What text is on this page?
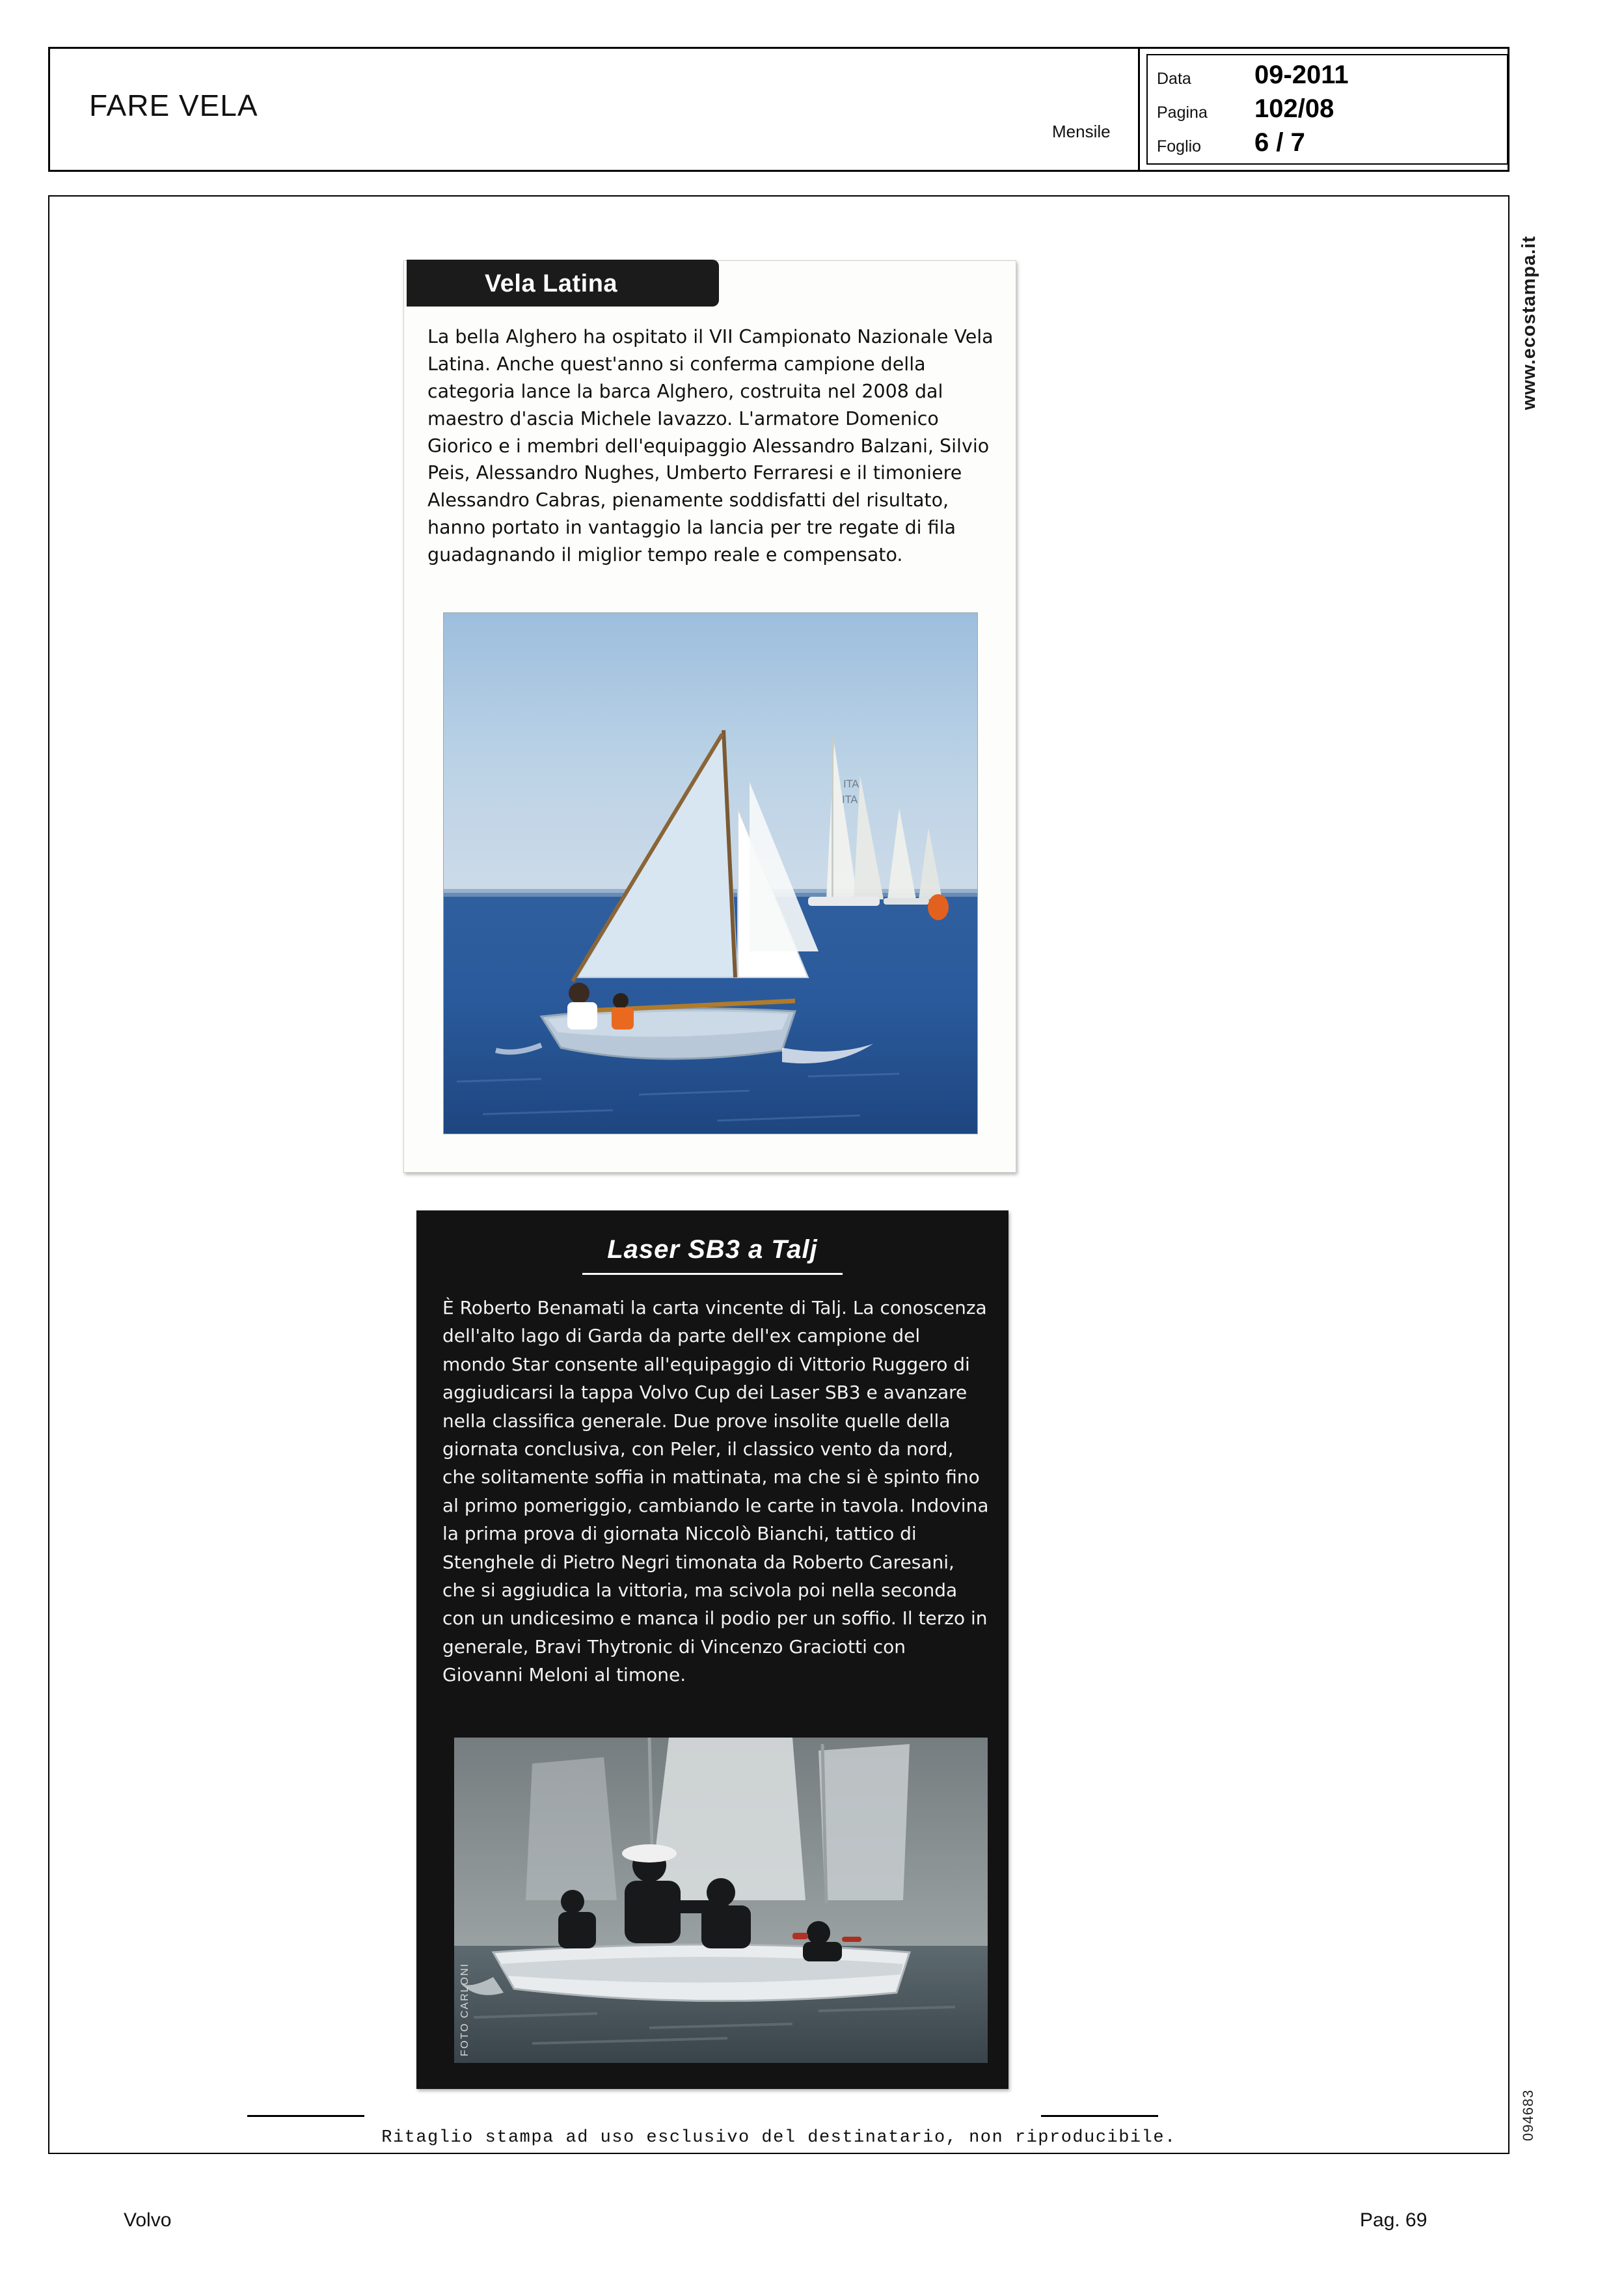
FARE VELA
Mensile
Data 09-2011
Pagina 102/08
Foglio 6 / 7
www.ecostampa.it
094683
Vela Latina
La bella Alghero ha ospitato il VII Campionato Nazionale Vela Latina. Anche quest'anno si conferma campione della categoria lance la barca Alghero, costruita nel 2008 dal maestro d'ascia Michele Iavazzo. L'armatore Domenico Giorico e i membri dell'equipaggio Alessandro Balzani, Silvio Peis, Alessandro Nughes, Umberto Ferraresi e il timoniere Alessandro Cabras, pienamente soddisfatti del risultato, hanno portato in vantaggio la lancia per tre regate di fila guadagnando il miglior tempo reale e compensato.
ITA
ITA
Laser SB3 a Talj
È Roberto Benamati la carta vincente di Talj. La conoscenza dell'alto lago di Garda da parte dell'ex campione del mondo Star consente all'equipaggio di Vittorio Ruggero di aggiudicarsi la tappa Volvo Cup dei Laser SB3 e avanzare nella classifica generale. Due prove insolite quelle della giornata conclusiva, con Peler, il classico vento da nord, che solitamente soffia in mattinata, ma che si è spinto fino al primo pomeriggio, cambiando le carte in tavola. Indovina la prima prova di giornata Niccolò Bianchi, tattico di Stenghele di Pietro Negri timonata da Roberto Caresani, che si aggiudica la vittoria, ma scivola poi nella seconda con un undicesimo e manca il podio per un soffio. Il terzo in generale, Bravi Thytronic di Vincenzo Graciotti con Giovanni Meloni al timone.
FOTO CARLONI
Ritaglio stampa ad uso esclusivo del destinatario, non riproducibile.
Volvo	Pag. 69
